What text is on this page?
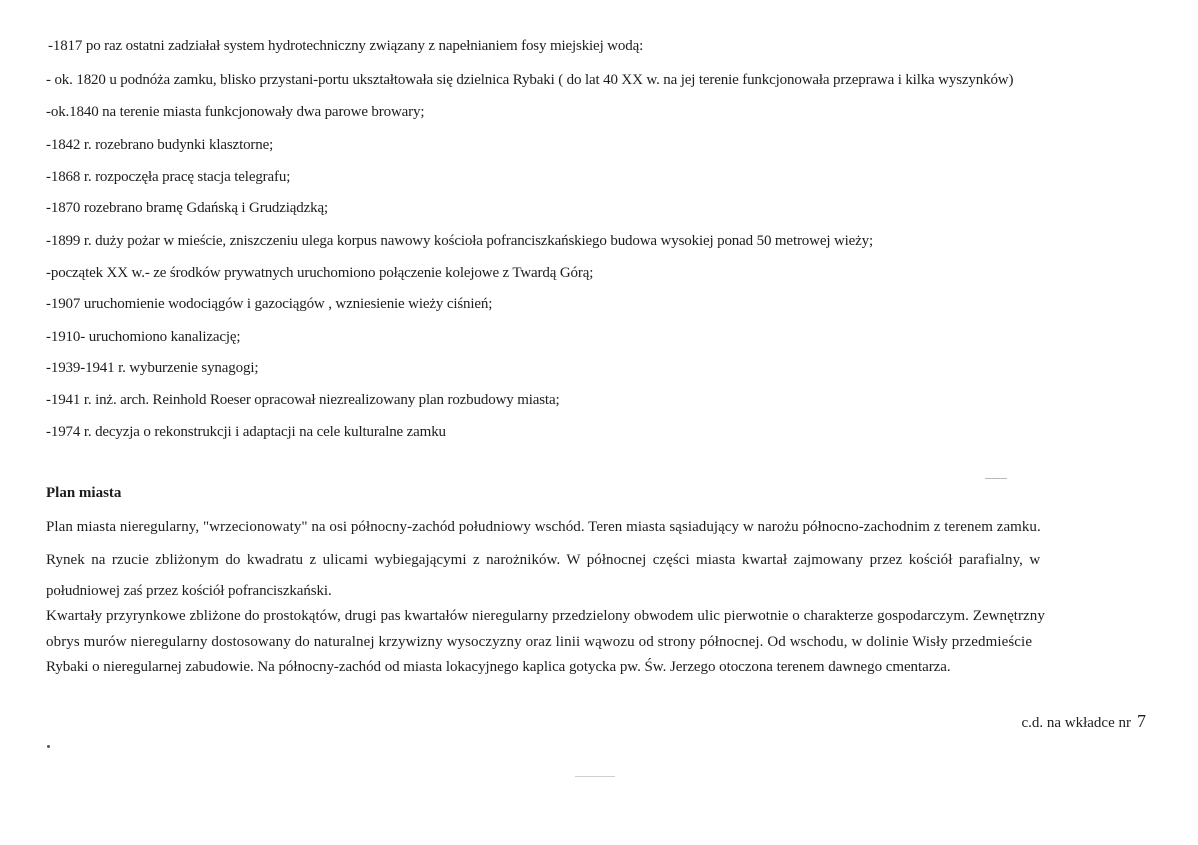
-1817 po raz ostatni zadziałał system hydrotechniczny związany z napełnianiem fosy miejskiej wodą:
- ok. 1820 u podnóża zamku, blisko przystani-portu ukształtowała się dzielnica Rybaki ( do lat 40 XX w. na jej terenie funkcjonowała przeprawa i kilka wyszynków)
-ok.1840 na terenie miasta funkcjonowały dwa parowe browary;
-1842 r. rozebrano budynki klasztorne;
-1868 r. rozpoczęła pracę stacja telegrafu;
-1870 rozebrano bramę Gdańską i Grudziądzką;
-1899 r. duży pożar w mieście, zniszczeniu ulega korpus nawowy kościoła pofranciszkańskiego budowa wysokiej ponad 50 metrowej wieży;
-początek XX w.- ze środków prywatnych uruchomiono połączenie kolejowe z Twardą Górą;
-1907 uruchomienie wodociągów i gazociągów , wzniesienie wieży ciśnień;
-1910- uruchomiono kanalizację;
-1939-1941 r. wyburzenie synagogi;
-1941 r. inż. arch. Reinhold Roeser opracował niezrealizowany plan rozbudowy miasta;
-1974 r. decyzja o rekonstrukcji i adaptacji na cele kulturalne zamku
Plan miasta
Plan miasta nieregularny, "wrzecionowaty" na osi północny-zachód południowy wschód. Teren miasta sąsiadujący w narożu północno-zachodnim z terenem zamku.
Rynek na rzucie zbliżonym do kwadratu z ulicami wybiegającymi z narożników. W północnej części miasta kwartał zajmowany przez kościół parafialny, w
południowej zaś przez kościół pofranciszkański.
Kwartały przyrynkowe zbliżone do prostokątów, drugi pas kwartałów nieregularny przedzielony obwodem ulic pierwotnie o charakterze gospodarczym. Zewnętrzny
obrys murów nieregularny dostosowany do naturalnej krzywizny wysoczyzny oraz linii wąwozu od strony północnej. Od wschodu, w dolinie Wisły przedmieście
Rybaki o nieregularnej zabudowie. Na północny-zachód od miasta lokacyjnego kaplica gotycka pw. Św. Jerzego otoczona terenem dawnego cmentarza.
c.d. na wkładce nr 7
